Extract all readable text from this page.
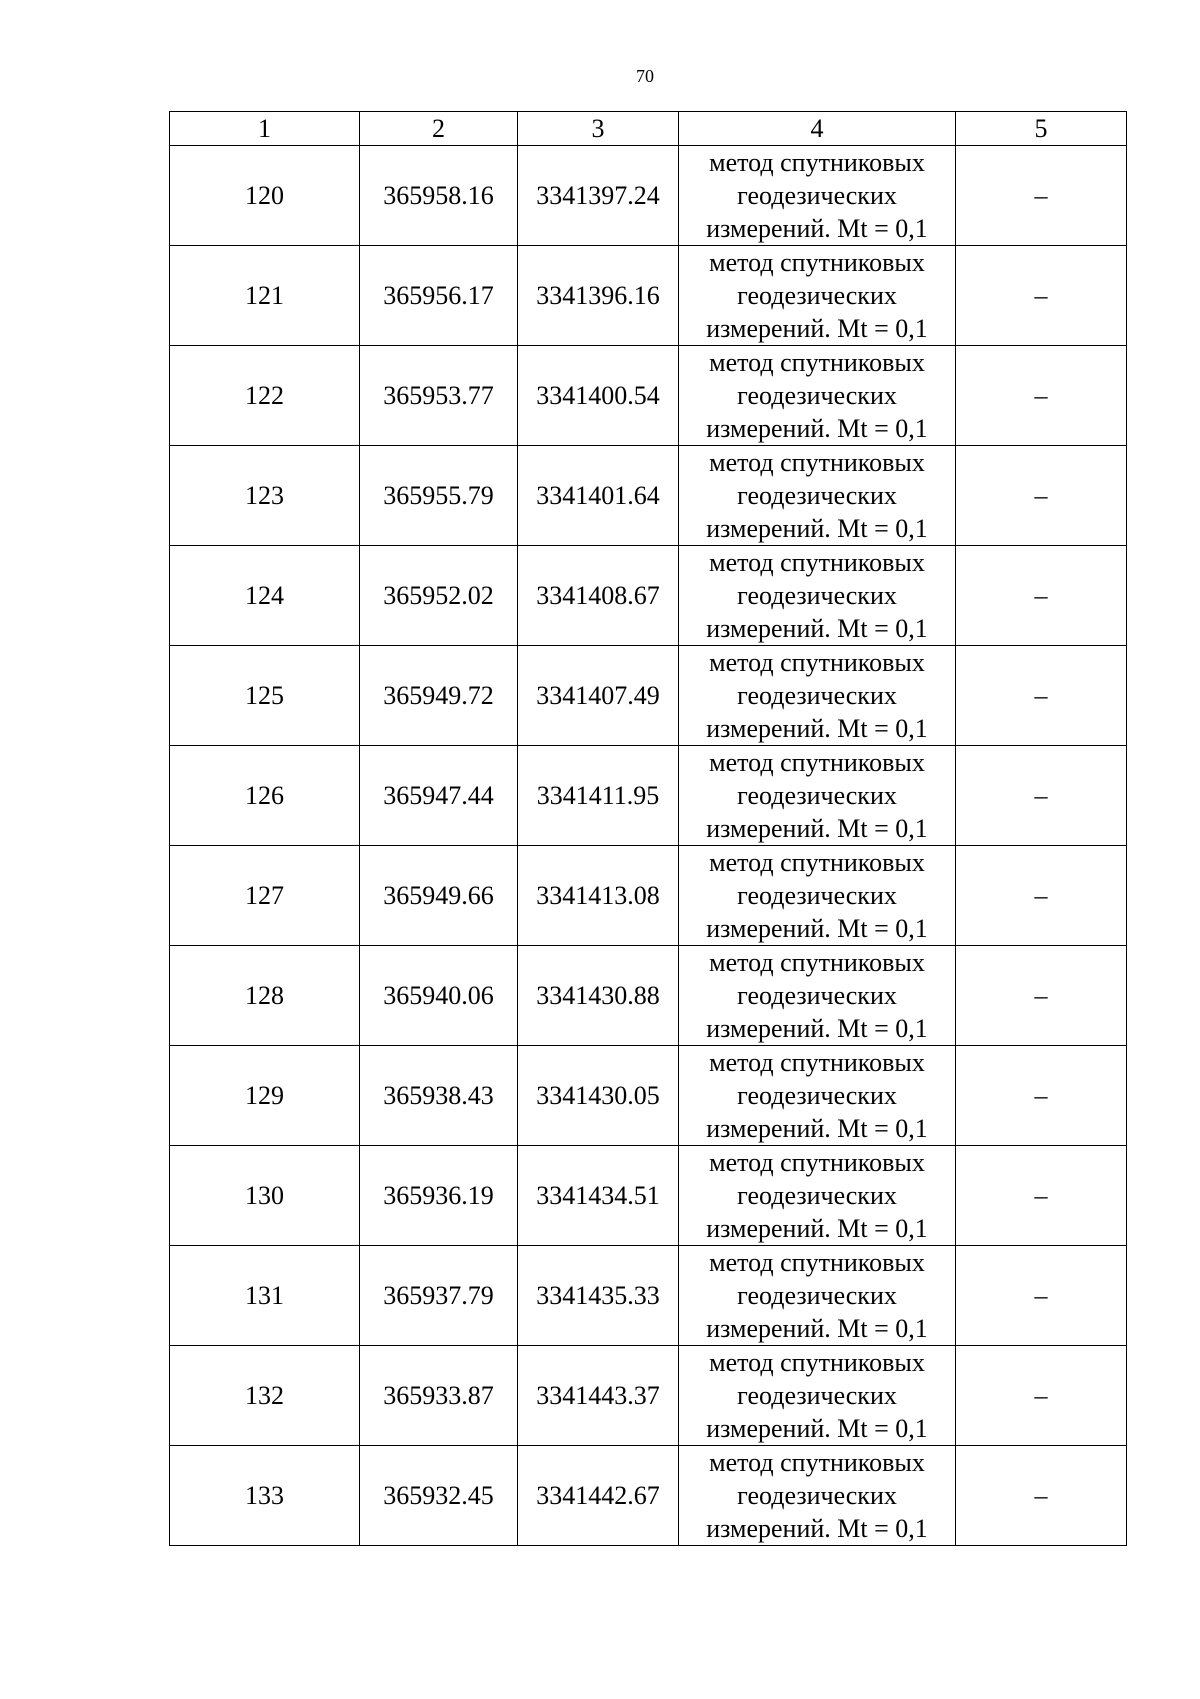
70
1	2	3	4	5
120	365958.16	3341397.24	метод спутниковых геодезических измерений. Mt = 0,1	–
121	365956.17	3341396.16	метод спутниковых геодезических измерений. Mt = 0,1	–
122	365953.77	3341400.54	метод спутниковых геодезических измерений. Mt = 0,1	–
123	365955.79	3341401.64	метод спутниковых геодезических измерений. Mt = 0,1	–
124	365952.02	3341408.67	метод спутниковых геодезических измерений. Mt = 0,1	–
125	365949.72	3341407.49	метод спутниковых геодезических измерений. Mt = 0,1	–
126	365947.44	3341411.95	метод спутниковых геодезических измерений. Mt = 0,1	–
127	365949.66	3341413.08	метод спутниковых геодезических измерений. Mt = 0,1	–
128	365940.06	3341430.88	метод спутниковых геодезических измерений. Mt = 0,1	–
129	365938.43	3341430.05	метод спутниковых геодезических измерений. Mt = 0,1	–
130	365936.19	3341434.51	метод спутниковых геодезических измерений. Mt = 0,1	–
131	365937.79	3341435.33	метод спутниковых геодезических измерений. Mt = 0,1	–
132	365933.87	3341443.37	метод спутниковых геодезических измерений. Mt = 0,1	–
133	365932.45	3341442.67	метод спутниковых геодезических измерений. Mt = 0,1	–
